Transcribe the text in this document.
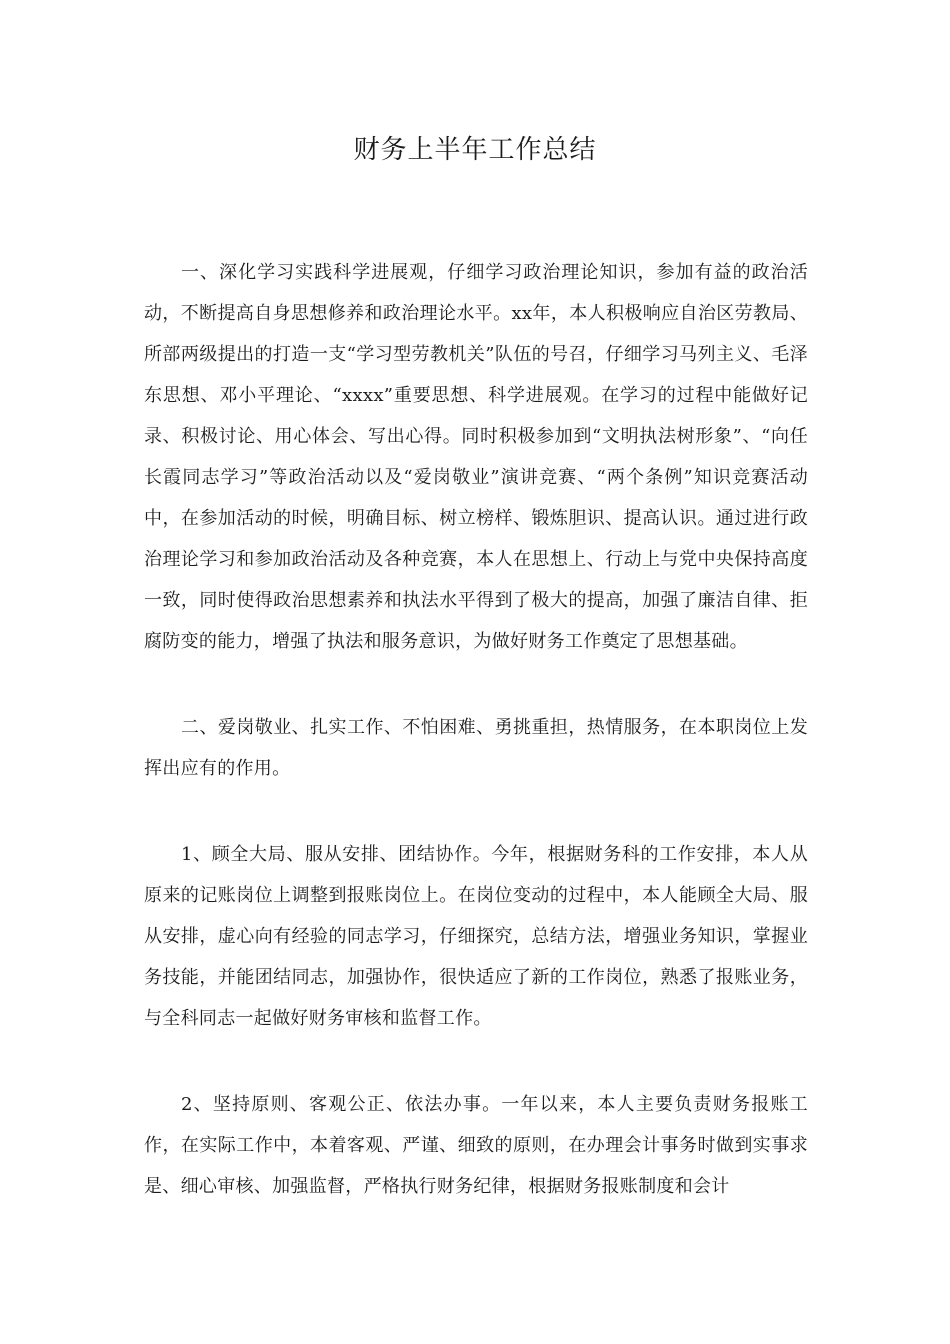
财务上半年工作总结

一、深化学习实践科学进展观，仔细学习政治理论知识，参加有益的政治活动，不断提高自身思想修养和政治理论水平。xx年，本人积极响应自治区劳教局、所部两级提出的打造一支“学习型劳教机关”队伍的号召，仔细学习马列主义、毛泽东思想、邓小平理论、“xxxx”重要思想、科学进展观。在学习的过程中能做好记录、积极讨论、用心体会、写出心得。同时积极参加到“文明执法树形象”、“向任长霞同志学习”等政治活动以及“爱岗敬业”演讲竞赛、“两个条例”知识竞赛活动中，在参加活动的时候，明确目标、树立榜样、锻炼胆识、提高认识。通过进行政治理论学习和参加政治活动及各种竞赛，本人在思想上、行动上与党中央保持高度一致，同时使得政治思想素养和执法水平得到了极大的提高，加强了廉洁自律、拒腐防变的能力，增强了执法和服务意识，为做好财务工作奠定了思想基础。

二、爱岗敬业、扎实工作、不怕困难、勇挑重担，热情服务，在本职岗位上发挥出应有的作用。

1、顾全大局、服从安排、团结协作。今年，根据财务科的工作安排，本人从原来的记账岗位上调整到报账岗位上。在岗位变动的过程中，本人能顾全大局、服从安排，虚心向有经验的同志学习，仔细探究，总结方法，增强业务知识，掌握业务技能，并能团结同志，加强协作，很快适应了新的工作岗位，熟悉了报账业务，与全科同志一起做好财务审核和监督工作。

2、坚持原则、客观公正、依法办事。一年以来，本人主要负责财务报账工作，在实际工作中，本着客观、严谨、细致的原则，在办理会计事务时做到实事求是、细心审核、加强监督，严格执行财务纪律，根据财务报账制度和会计
